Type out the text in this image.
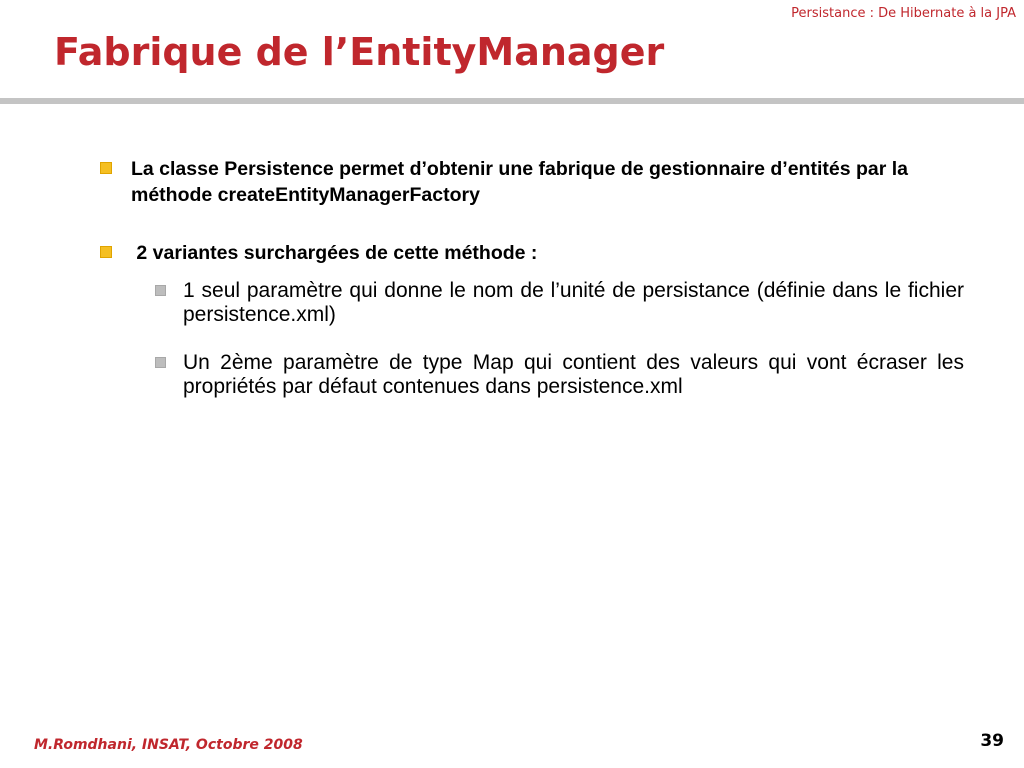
Persistance : De Hibernate à la JPA
Fabrique de l’EntityManager
La classe Persistence permet d’obtenir une fabrique de gestionnaire d’entités par la méthode createEntityManagerFactory
2 variantes surchargées de cette méthode :
1 seul paramètre qui donne le nom de l’unité de persistance (définie dans le fichier persistence.xml)
Un 2ème paramètre de type Map qui contient des valeurs qui vont écraser les propriétés par défaut contenues dans persistence.xml
M.Romdhani, INSAT, Octobre 2008	39
